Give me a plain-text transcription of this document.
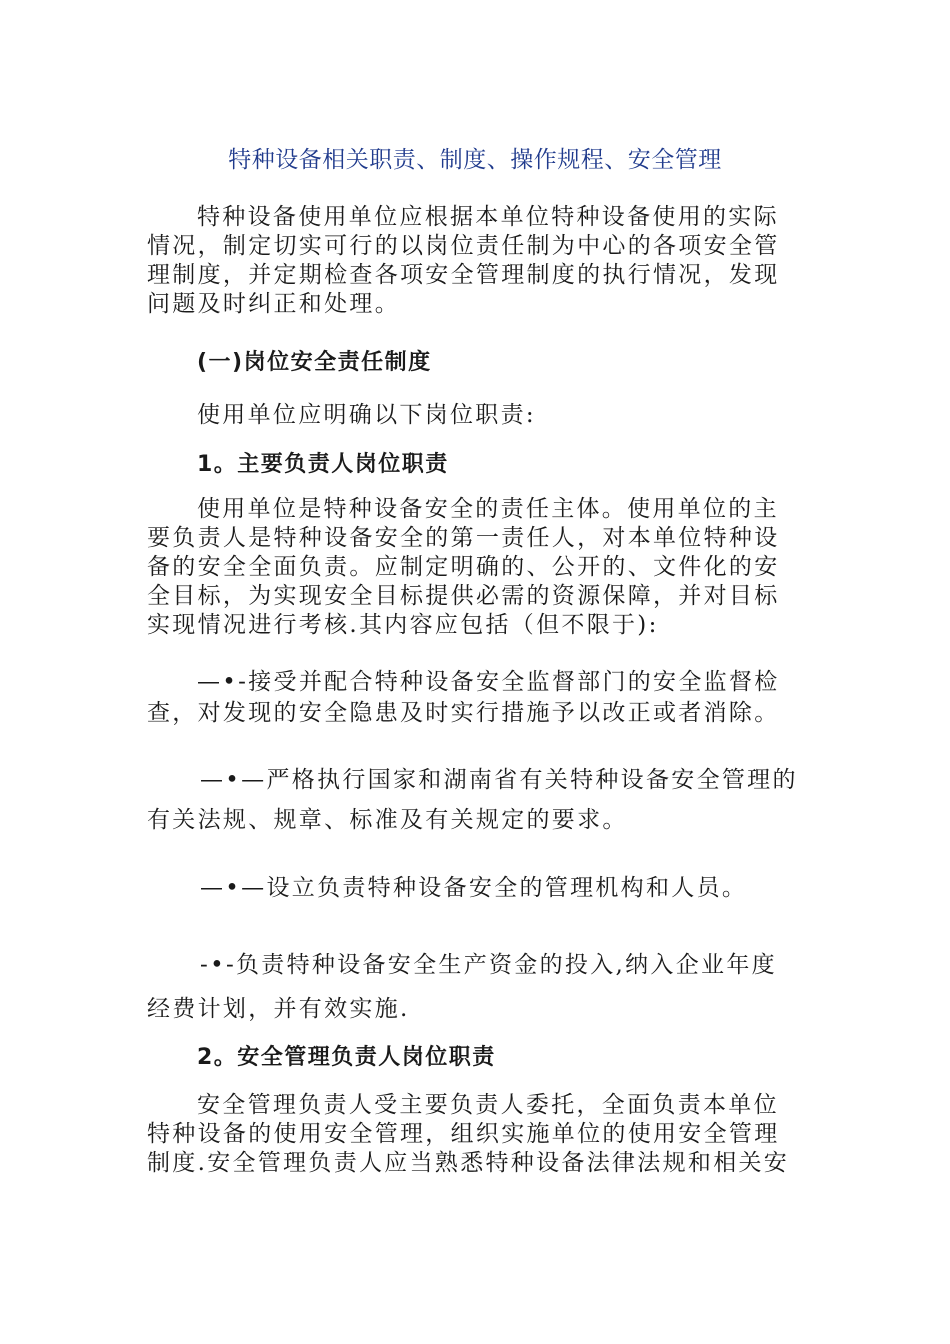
特种设备相关职责、制度、操作规程、安全管理

特种设备使用单位应根据本单位特种设备使用的实际情况，制定切实可行的以岗位责任制为中心的各项安全管理制度，并定期检查各项安全管理制度的执行情况，发现问题及时纠正和处理。

(一)岗位安全责任制度

使用单位应明确以下岗位职责:

1。主要负责人岗位职责

使用单位是特种设备安全的责任主体。使用单位的主要负责人是特种设备安全的第一责任人，对本单位特种设备的安全全面负责。应制定明确的、公开的、文件化的安全目标，为实现安全目标提供必需的资源保障，并对目标实现情况进行考核.其内容应包括（但不限于):

—•-接受并配合特种设备安全监督部门的安全监督检

查，对发现的安全隐患及时实行措施予以改正或者消除。

—•—严格执行国家和湖南省有关特种设备安全管理的

有关法规、规章、标准及有关规定的要求。

—•—设立负责特种设备安全的管理机构和人员。

-•-负责特种设备安全生产资金的投入,纳入企业年度

经费计划，并有效实施.

2。安全管理负责人岗位职责

安全管理负责人受主要负责人委托，全面负责本单位特种设备的使用安全管理，组织实施单位的使用安全管理制度.安全管理负责人应当熟悉特种设备法律法规和相关安
